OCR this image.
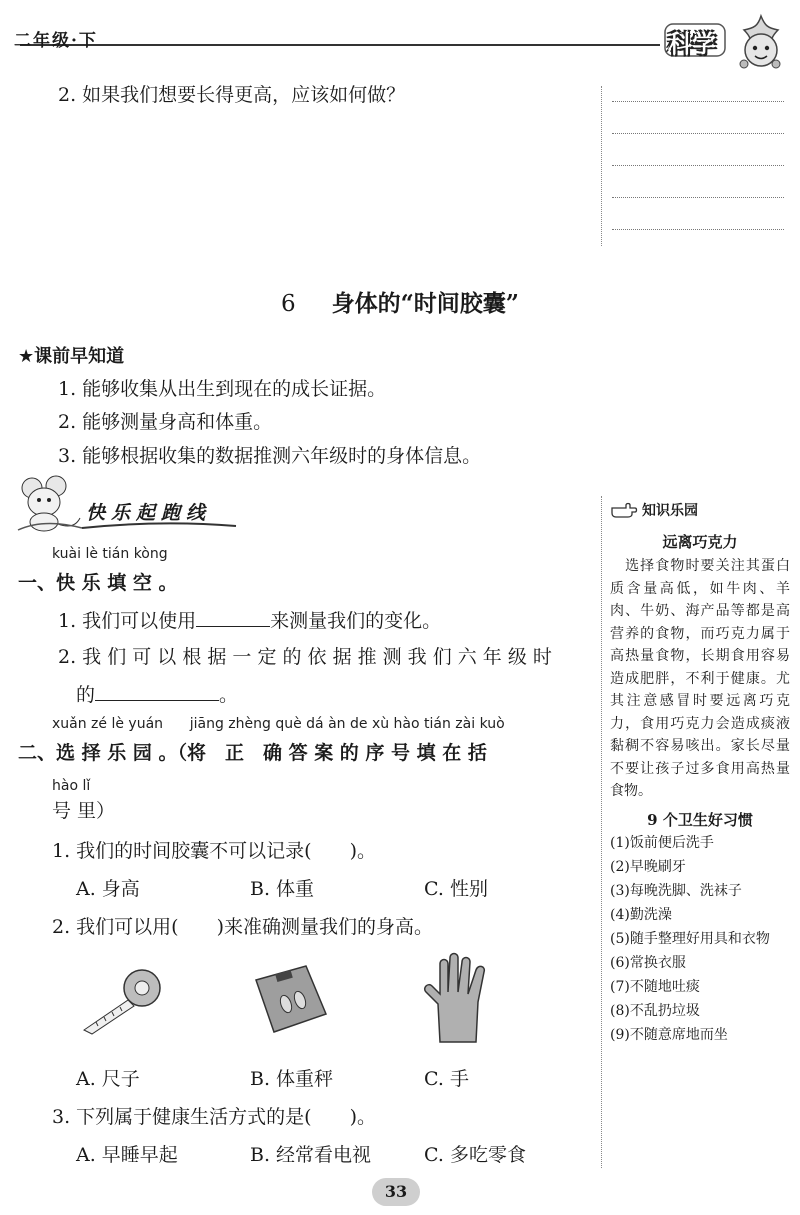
二年级·下	科学
2. 如果我们想要长得更高，应该如何做？
6 身体的“时间胶囊”
★课前早知道
1. 能够收集从出生到现在的成长证据。
2. 能够测量身高和体重。
3. 能够根据收集的数据推测六年级时的身体信息。
快乐起跑线
kuài lè tián kòng
一、快 乐 填 空 。
1. 我们可以使用	来测量我们的变化。
2. 我 们 可 以 根 据 一 定 的 依 据 推 测 我 们 六 年 级 时
的	。
xuǎn zé lè yuán      jiāng zhèng què dá àn de xù hào tián zài kuò
二、选 择 乐 园 。（将　正　确 答 案 的 序 号 填 在 括
hào lǐ
号 里）
1. 我们的时间胶囊不可以记录(　　)。
A. 身高	B. 体重	C. 性别
2. 我们可以用(　　)来准确测量我们的身高。
A. 尺子	B. 体重秤	C. 手
3. 下列属于健康生活方式的是(　　)。
A. 早睡早起	B. 经常看电视	C. 多吃零食
知识乐园
远离巧克力
　选择食物时要关注其蛋白质含量高低，如牛肉、羊肉、牛奶、海产品等都是高营养的食物，而巧克力属于高热量食物，长期食用容易造成肥胖，不利于健康。尤其注意感冒时要远离巧克力，食用巧克力会造成痰液黏稠不容易咳出。家长尽量不要让孩子过多食用高热量食物。
9 个卫生好习惯
(1)饭前便后洗手
(2)早晚刷牙
(3)每晚洗脚、洗袜子
(4)勤洗澡
(5)随手整理好用具和衣物
(6)常换衣服
(7)不随地吐痰
(8)不乱扔垃圾
(9)不随意席地而坐
33
